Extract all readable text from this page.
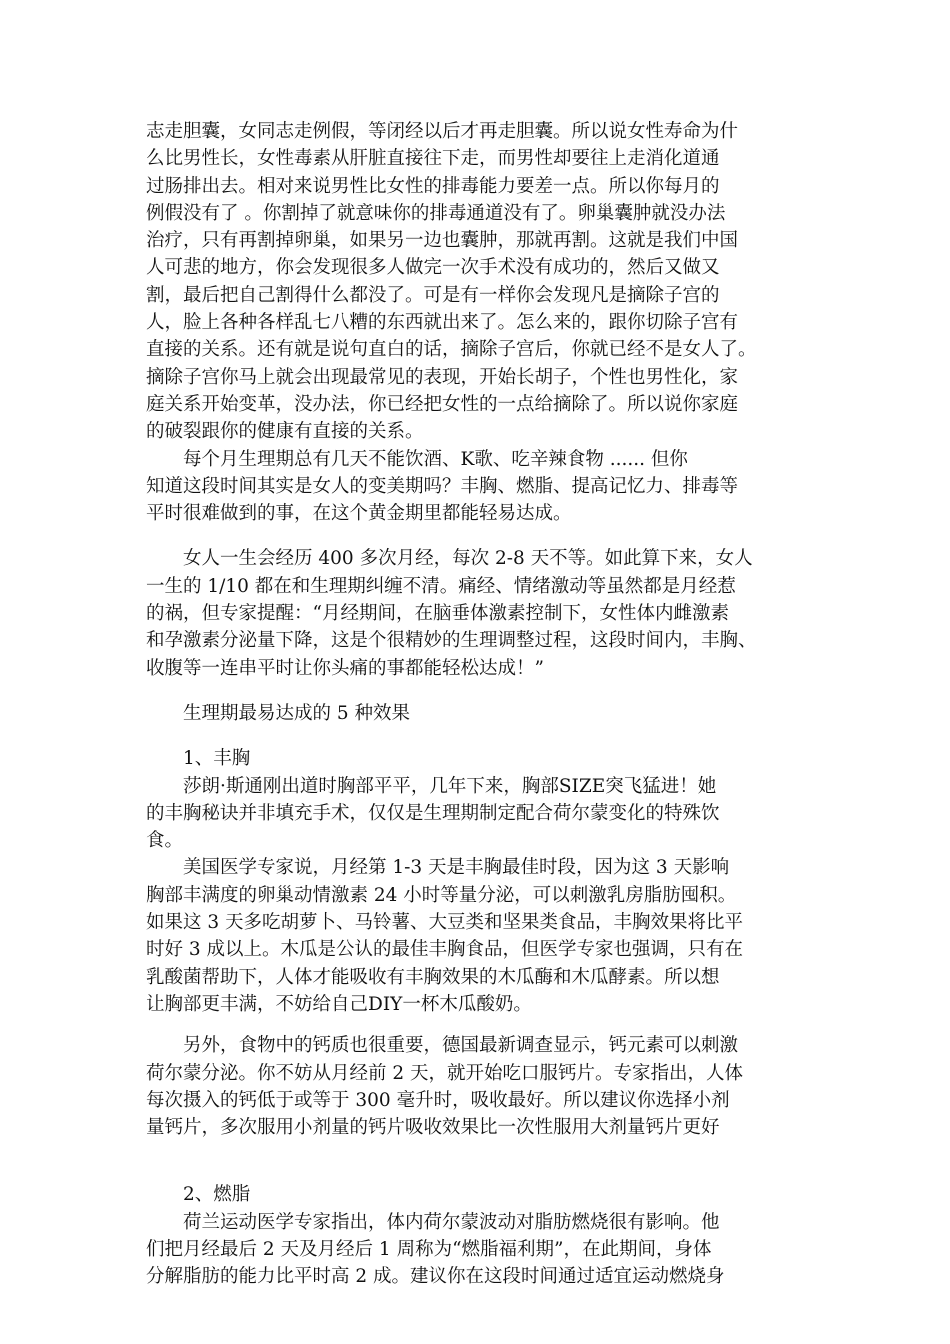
志走胆囊，女同志走例假，等闭经以后才再走胆囊。所以说女性寿命为什
么比男性长，女性毒素从肝脏直接往下走，而男性却要往上走消化道通
过肠排出去。相对来说男性比女性的排毒能力要差一点。所以你每月的
例假没有了 。你割掉了就意味你的排毒通道没有了。卵巢囊肿就没办法
治疗，只有再割掉卵巢，如果另一边也囊肿，那就再割。这就是我们中国
人可悲的地方，你会发现很多人做完一次手术没有成功的，然后又做又
割，最后把自己割得什么都没了。可是有一样你会发现凡是摘除子宫的
人，脸上各种各样乱七八糟的东西就出来了。怎么来的，跟你切除子宫有
直接的关系。还有就是说句直白的话，摘除子宫后，你就已经不是女人了。
摘除子宫你马上就会出现最常见的表现，开始长胡子，个性也男性化，家
庭关系开始变革，没办法，你已经把女性的一点给摘除了。所以说你家庭
的破裂跟你的健康有直接的关系。
　　每个月生理期总有几天不能饮酒、K歌、吃辛辣食物 ...... 但你
知道这段时间其实是女人的变美期吗？丰胸、燃脂、提高记忆力、排毒等
平时很难做到的事，在这个黄金期里都能轻易达成。
　　女人一生会经历 400 多次月经，每次 2-8 天不等。如此算下来，女人
一生的 1/10 都在和生理期纠缠不清。痛经、情绪激动等虽然都是月经惹
的祸，但专家提醒：“月经期间，在脑垂体激素控制下，女性体内雌激素
和孕激素分泌量下降，这是个很精妙的生理调整过程，这段时间内，丰胸、
收腹等一连串平时让你头痛的事都能轻松达成！”
　　生理期最易达成的 5 种效果
　　1、丰胸
　　莎朗·斯通刚出道时胸部平平，几年下来，胸部SIZE突飞猛进！她
的丰胸秘诀并非填充手术，仅仅是生理期制定配合荷尔蒙变化的特殊饮
食。
　　美国医学专家说，月经第 1-3 天是丰胸最佳时段，因为这 3 天影响
胸部丰满度的卵巢动情激素 24 小时等量分泌，可以刺激乳房脂肪囤积。
如果这 3 天多吃胡萝卜、马铃薯、大豆类和坚果类食品，丰胸效果将比平
时好 3 成以上。木瓜是公认的最佳丰胸食品，但医学专家也强调，只有在
乳酸菌帮助下，人体才能吸收有丰胸效果的木瓜酶和木瓜酵素。所以想
让胸部更丰满，不妨给自己DIY一杯木瓜酸奶。
　　另外，食物中的钙质也很重要，德国最新调查显示，钙元素可以刺激
荷尔蒙分泌。你不妨从月经前 2 天，就开始吃口服钙片。专家指出，人体
每次摄入的钙低于或等于 300 毫升时，吸收最好。所以建议你选择小剂
量钙片，多次服用小剂量的钙片吸收效果比一次性服用大剂量钙片更好
　　2、燃脂
　　荷兰运动医学专家指出，体内荷尔蒙波动对脂肪燃烧很有影响。他
们把月经最后 2 天及月经后 1 周称为“燃脂福利期”，在此期间，身体
分解脂肪的能力比平时高 2 成。建议你在这段时间通过适宜运动燃烧身
